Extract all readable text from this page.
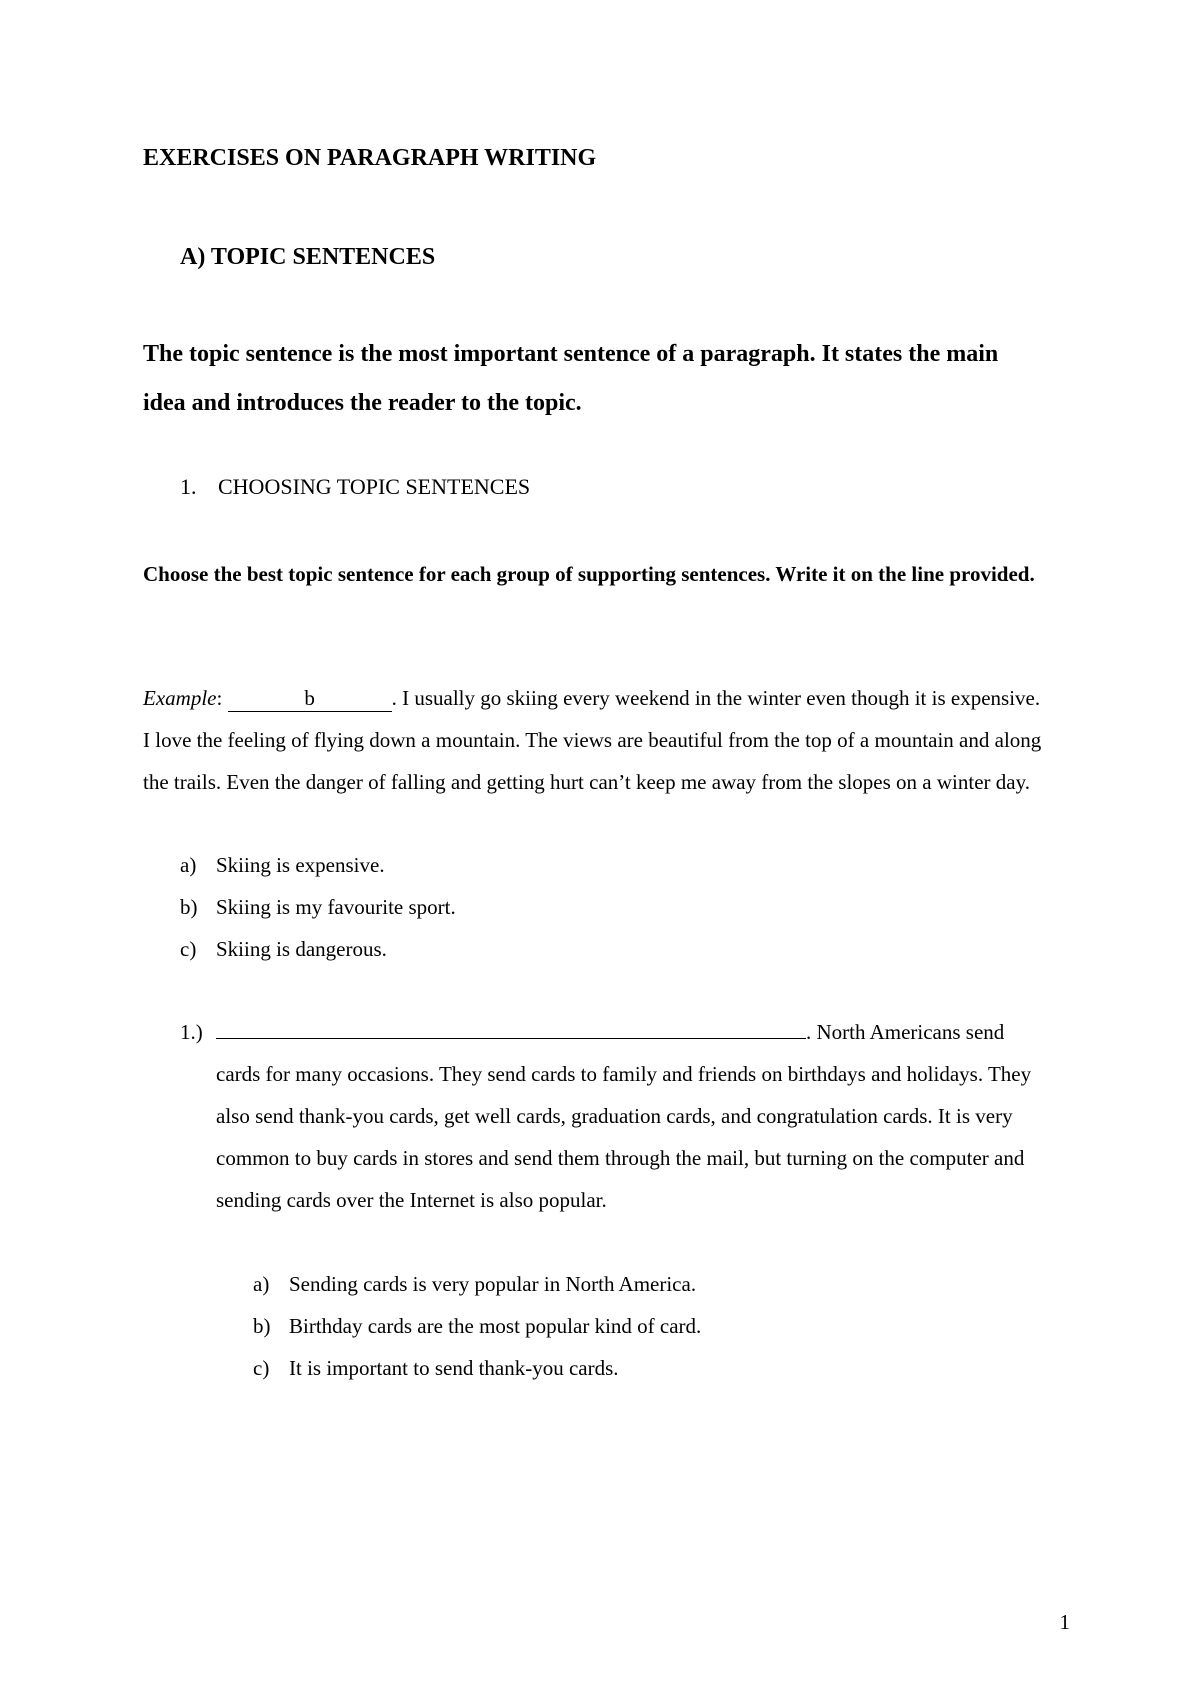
EXERCISES ON PARAGRAPH WRITING
A) TOPIC SENTENCES

The topic sentence is the most important sentence of a paragraph. It states the main idea and introduces the reader to the topic.

1. CHOOSING TOPIC SENTENCES

Choose the best topic sentence for each group of supporting sentences. Write it on the line provided.

Example:	b	. I usually go skiing every weekend in the winter even though it is expensive. I love the feeling of flying down a mountain. The views are beautiful from the top of a mountain and along the trails. Even the danger of falling and getting hurt can’t keep me away from the slopes on a winter day.

a) Skiing is expensive.
b) Skiing is my favourite sport.
c) Skiing is dangerous.

1.)	. North Americans send

cards for many occasions. They send cards to family and friends on birthdays and holidays. They also send thank-you cards, get well cards, graduation cards, and congratulation cards. It is very common to buy cards in stores and send them through the mail, but turning on the computer and sending cards over the Internet is also popular.

a) Sending cards is very popular in North America.
b) Birthday cards are the most popular kind of card.
c) It is important to send thank-you cards.
1
